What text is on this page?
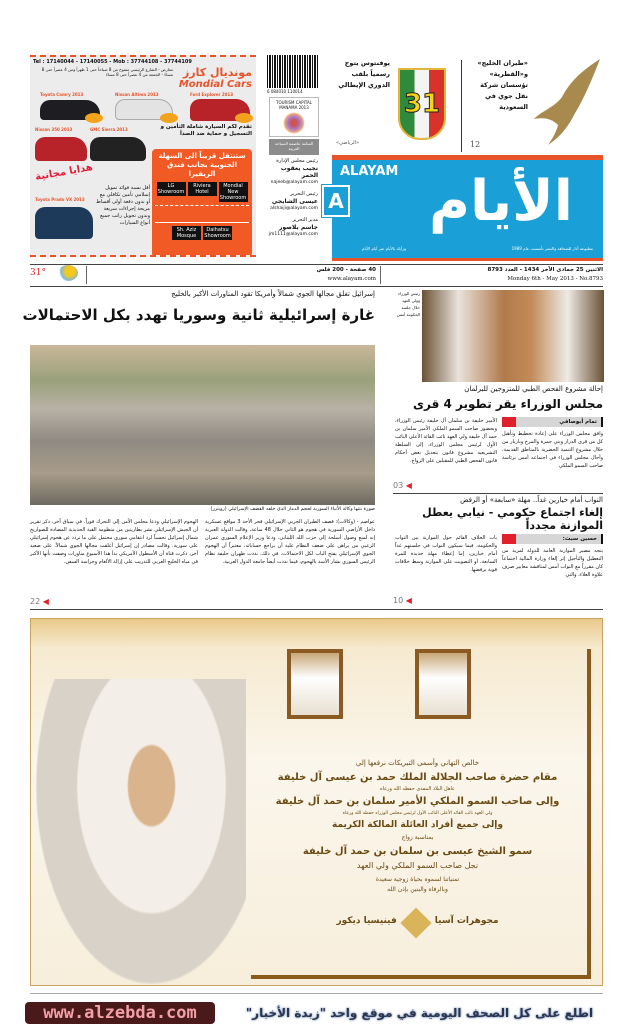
Tel : 17140044 - 17140055 - Mob : 37744108 - 37744109
معارض - الشارع الرئيسي مفتوح من 8 صباحاً حتى 1 ظهراً ومن 4 عصراً حتى 8 مساءً - الجمعة من 4 عصراً حتى 8 مساءً موندیال کارز
Mondial Cars
Toyota Camry 2013	Nissan Altima 2013	Ford Explorer 2013
Nissan 350 2013	GMC Sierra 2013	تقدم لكم السيارة شاملة التأمين و التسجيل و حماية ضد الصدأ
هدايا مجانية
أقل نسبة فوائد تمويل إسلامي تأمين تكافلي مع أو بدون دفعة أولى أقساط مريحة إجراءات سريعة وبدون تحويل راتب جميع أنواع السيارات
Toyota Prado VX 2013
ستنتقل قريباً الى السهلة الجنوبية بجانب فندق الريفيرا
LG ShowroomRiviera HotelMondial New Showroom
Sh. Aziz MosqueDaihatsu Showroom
6 084010 110014
TOURISM CAPITAL MANAMA 2013
المنامة عاصمة السياحة العربية
يوفنتوس يتوج رسمياً بلقب الدوري الإيطالي
«الرياضي»
31
«طيران الخليج» و«القطرية» تؤسسان شركة نقل جوي في السعودية
12
رئيس مجلس الإدارة
نجيب يعقوب الحمر
najeeb@alayam.com
رئيس التحرير
عيسى الشايجي
alshaiji@alayam.com
مدير التحرير
جاسم بلاصور
jm1111@alayam.com
ALAYAM الأيام
مطبوعة آذار للصحافة والنشر تأسست عام 1989
ورأيك بالأيام عبر أيام الأيام
A
31°	40 صفحة - 200 فلس
www.alayam.com
الاثنين 25 جمادى الآخر 1434 - العدد 8793
Monday 6th - May 2013 - No.8793
إسرائيل تغلق مجالها الجوي شمالاً وأمريكا تقود المناورات الأكبر بالخليج
غارة إسرائيلية ثانية وسوريا تهدد بكل الاحتمالات
صورة بثتها وكالة الأنباء السورية لحجم الدمار الذي خلفه القصف الإسرائيلي (رويترز)
عواصم - (وكالات): قصف الطيران الحربي الإسرائيلي فجر الأحد 3 مواقع عسكرية داخل الأراضي السورية في هجوم هو الثاني خلال 48 ساعة، وقالت الدولة العبرية إنه لمنع وصول أسلحة إلى حزب الله اللبناني. ودعا وزير الإعلام السوري عمران الزعبي من يراهن على ضعف النظام عليه أن يراجع حساباته، معتبراً أن الهجوم الجوي الإسرائيلي يفتح الباب لكل الاحتمالات. في ذلك، نددت طهران حليفة نظام الرئيس السوري بشار الأسد بالهجوم، فيما نددت أيضاً جامعة الدول العربية.
الهجوم الإسرائيلي ودعا مجلس الأمن إلى التحرك فوراً. في سياق آخر، ذكر تقرير أن الجيش الإسرائيلي نشر بطاريتين من منظومة القبة الحديدية المضادة للصواريخ شمال إسرائيل تحسباً لرد انتقامي سوري محتمل على ما تردد عن هجوم إسرائيلي على سورية. وقالت مصادر إن إسرائيل أغلقت مجالها الجوي شمالاً. على صعيد آخر، ذكرت قناة أن الأسطول الأمريكي بدأ هذا الأسبوع مناورات وصفت بأنها الأكبر في مياه الخليج العربي للتدريب على إزالة الألغام وحراسة السفن.
22 ◀
رئيس الوزراء وولي العهد خلال جلسة الحكومة أمس
إحالة مشروع الفحص الطبي للمتزوجين للبرلمان
مجلس الوزراء يقر تطوير 4 قرى
تمام أبوصافي
وافق مجلس الوزراء على إعادة تخطيط وتأهيل كل من قرى الدراز وبني جمرة والمرخ وباربار من خلال مشروع التنمية الحضرية بالمناطق القديمة، وأحال مجلس الوزراء في اجتماعه أمس برئاسة صاحب السمو الملكي
الأمير خليفة بن سلمان آل خليفة رئيس الوزراء، وبحضور صاحب السمو الملكي الأمير سلمان بن حمد آل خليفة ولي العهد نائب القائد الأعلى النائب الأول لرئيس مجلس الوزراء، إلى السلطة التشريعية مشروع قانون بتعديل بعض أحكام قانون الفحص الطبي للمقبلين على الزواج.
03 ◀
النواب أمام خيارين غداً.. مهلة «سابعة» أو الرفض
إلغاء اجتماع حكومي - نيابي يعطل الموازنة مجدداً
حسين سبت:
يتجه مصير الموازنة العامة للدولة لمزيد من التعطيل والتأجيل إثر إلغاء وزارة المالية اجتماعاً كان مقرراً مع النواب أمس لمناقشة معايير صرف علاوة الغلاء، والتي
بات الخلاف القائم حول الموازنة بين النواب والحكومة، فيما سيكون النواب في جلستهم غداً أمام خيارين، إما إعطاء مهلة جديدة للمرة السابعة، أو التصويت على الموازنة وسط خلافات قوية برفضها.
10 ◀
خالص التهاني وأسمى التبريكات نرفعها إلى
مقام حضرة صاحب الجلالة الملك حمد بن عيسى آل خليفة
عاهل البلاد المفدى حفظه الله ورعاه
وإلى صاحب السمو الملكي الأمير سلمان بن حمد آل خليفة
ولي العهد نائب القائد الأعلى النائب الأول لرئيس مجلس الوزراء حفظه الله ورعاه
وإلى جميع أفراد العائلة المالكة الكريمة
بمناسبة زواج
سمو الشيخ عيسى بن سلمان بن حمد آل خليفة
نجل صاحب السمو الملكي ولي العهد
تمنياتنا لسموه بحياة زوجية سعيدة
وبالرفاه والبنين بإذن الله
مجوهرات آسيا
فينيسيا ديكور
www.alzebda.com	اطلع على كل الصحف اليومية في موقع واحد "زبدة الأخبار"
